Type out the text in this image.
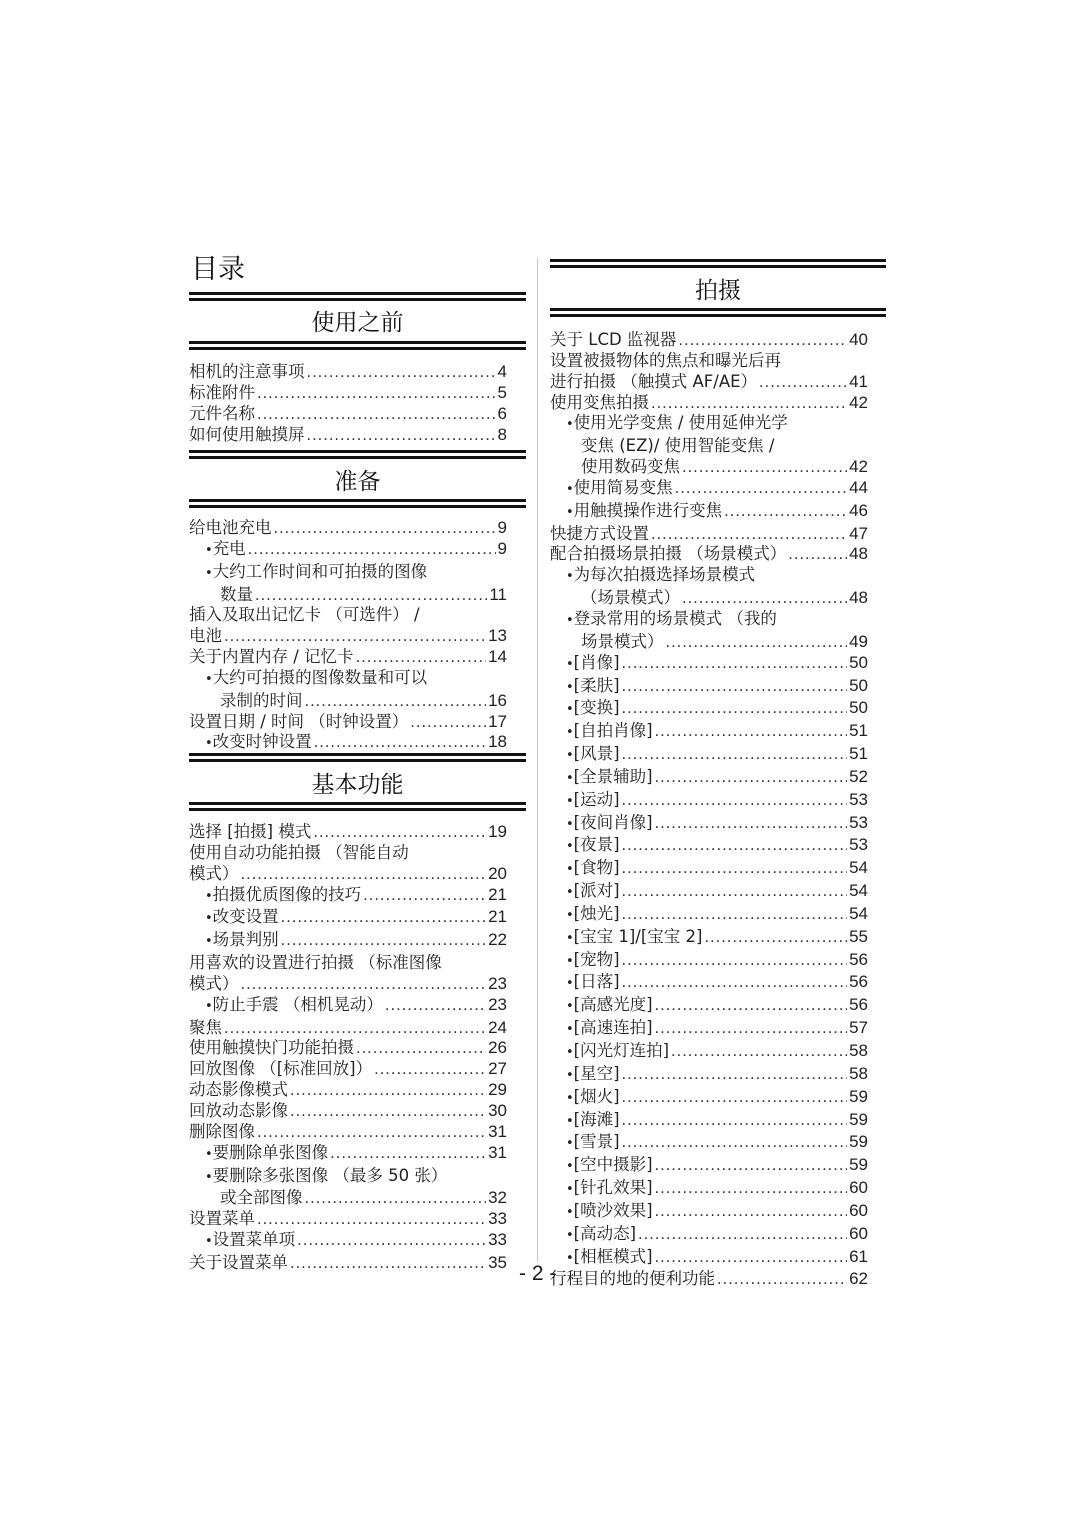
目录
使用之前
相机的注意事项 .....	4
标准附件 .....	5
元件名称 .....	6
如何使用触摸屏 .....	8
准备
给电池充电 .....	9
• 充电 .....	9
• 大约工作时间和可拍摄的图像
数量 .....	11
插入及取出记忆卡 （可选件） /
电池 .....	13
关于内置内存 / 记忆卡 .....	14
• 大约可拍摄的图像数量和可以
录制的时间 .....	16
设置日期 / 时间 （时钟设置） .....	17
• 改变时钟设置 .....	18
基本功能
选择 [拍摄] 模式 .....	19
使用自动功能拍摄 （智能自动
模式） .....	20
• 拍摄优质图像的技巧 .....	21
• 改变设置 .....	21
• 场景判别 .....	22
用喜欢的设置进行拍摄 （标准图像
模式） .....	23
• 防止手震 （相机晃动） .....	23
聚焦 .....	24
使用触摸快门功能拍摄 .....	26
回放图像 （[标准回放]） .....	27
动态影像模式 .....	29
回放动态影像 .....	30
删除图像 .....	31
• 要删除单张图像 .....	31
• 要删除多张图像 （最多 50 张）
或全部图像 .....	32
设置菜单 .....	33
• 设置菜单项 .....	33
关于设置菜单 .....	35
拍摄
关于 LCD 监视器 .....	40
设置被摄物体的焦点和曝光后再
进行拍摄 （触摸式 AF/AE） .....	41
使用变焦拍摄 .....	42
• 使用光学变焦 / 使用延伸光学
变焦 (EZ)/ 使用智能变焦 /
使用数码变焦 .....	42
• 使用简易变焦 .....	44
• 用触摸操作进行变焦 .....	46
快捷方式设置 .....	47
配合拍摄场景拍摄 （场景模式） .....	48
• 为每次拍摄选择场景模式
（场景模式） .....	48
• 登录常用的场景模式 （我的
场景模式） .....	49
• [肖像] .....	50
• [柔肤] .....	50
• [变换] .....	50
• [自拍肖像] .....	51
• [风景] .....	51
• [全景辅助] .....	52
• [运动] .....	53
• [夜间肖像] .....	53
• [夜景] .....	53
• [食物] .....	54
• [派对] .....	54
• [烛光] .....	54
• [宝宝 1]/[宝宝 2] .....	55
• [宠物] .....	56
• [日落] .....	56
• [高感光度] .....	56
• [高速连拍] .....	57
• [闪光灯连拍] .....	58
• [星空] .....	58
• [烟火] .....	59
• [海滩] .....	59
• [雪景] .....	59
• [空中摄影] .....	59
• [针孔效果] .....	60
• [喷沙效果] .....	60
• [高动态] .....	60
• [相框模式] .....	61
行程目的地的便利功能 .....	62
- 2 -
